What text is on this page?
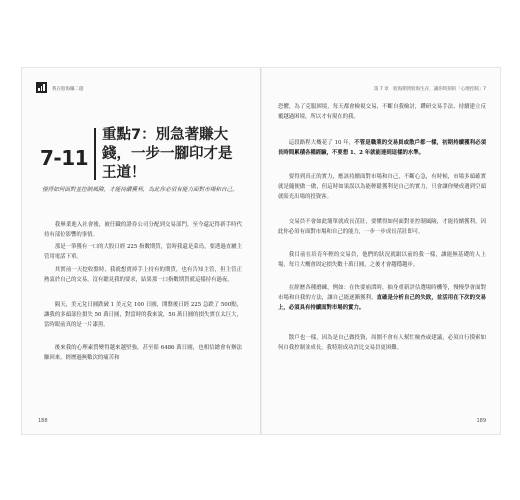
我在股海賺二億
7-11
重點7：別急著賺大錢，一步一腳印才是王道！
僅得如何面對並控制風險，才能持續獲利，為此你必須有能力面對市場和自己。

我畢業進入社會後，被任職的證券公司分配到交易部門，至今還記得新手時代持有部位影響的事情。

那是一筆獲有一口的大股日經 225 指數期貨，當時我還是菜鳥，要透過直屬主管用電話下單。

其實前一天挖收盤時，我就想賣掉手上持有的期貨，也有告知主管，但主管正熱衷於自己的交易，沒有聽見我的要求，結果那一口指數期貨就這樣持有過夜。

隔天，美元兌日圓跌破 1 美元兌 100 日圓，開盤後日經 225 急跌了 500點，讓我的多頭部位損失 50 萬日圓，對當時的我來說，50 萬日圓的損失實在太巨大，當時眼前真的是一片漆黑。

後來我的心理素質變得越來越堅強，甚至賠 6486 萬日圓，也相信總會有辦法賺回來。經歷過無數次的痛苦和

188
第 7 章　股海期貨股海生存，讓你時刻的「心理控制」7

恐懼，為了克服困境，每天都會檢視交易、不斷自我檢討，鑽研交易手法、持續建立反覆越過困境，所以才有現在的我。

這段路程大概花了 10 年，不管是職業的交易員或散戶都一樣，初期持續獲利必須長時間累積各種經驗，不要想 1、2 年就能達到這樣的水準。

要得到真正的實力，應該持續面對市場和自己，不斷心急，有時候，市場多頭確實就是隨便做一做，但這時如果誤以為能輕鬆獲利是自己的實力，只會讓你變成遇到空頭就賠光出場的投資客。

交易員不會如此簡單就成長茁壯，要懂得如何面對並控制風險，才能持續獲利，因此你必須有面對市場和自己的能力，一步一步成長茁壯即可。

我目前在培育年輕的交易員，他們的狀況就跟以前的我一樣，讓能無基礎的人上場，每月大概會固定損失數十萬日圓，之後才會趨穩趨步。

在經歷各種磨練，例如：在快要崩潰時，抽身重新評估選場時機等，慢慢學會面對市場和自我的方法，讓自己能逐漸獲利，直確是分析自己的失敗，並活用在下次的交易上，必須具有持續面對市場的實力。

散戶也一樣，因為是自己做投資，周圍不會有人幫忙檢查或建議，必須自行摸索如何自我控制並成長，我特別成功許比交易員更困難。

189
